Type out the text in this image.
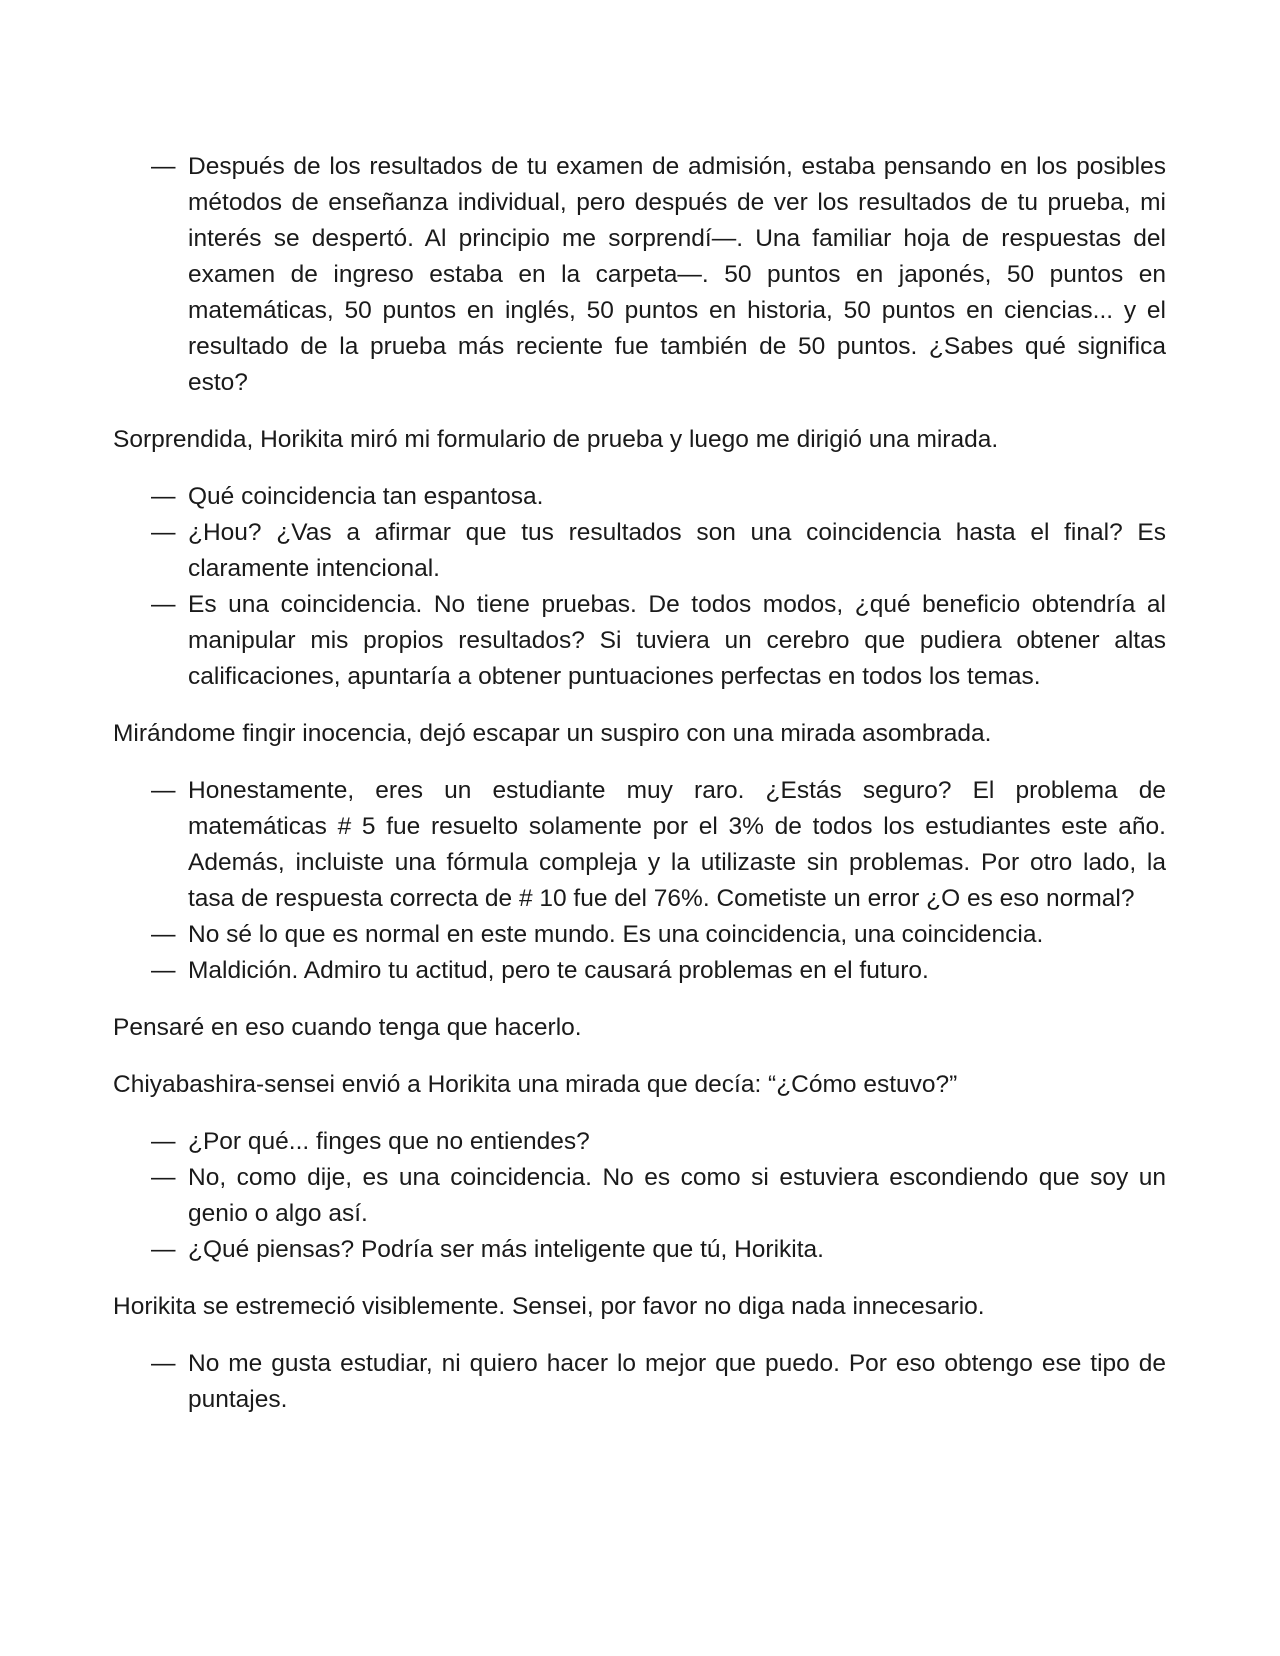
— Después de los resultados de tu examen de admisión, estaba pensando en los posibles métodos de enseñanza individual, pero después de ver los resultados de tu prueba, mi interés se despertó. Al principio me sorprendí—. Una familiar hoja de respuestas del examen de ingreso estaba en la carpeta—. 50 puntos en japonés, 50 puntos en matemáticas, 50 puntos en inglés, 50 puntos en historia, 50 puntos en ciencias... y el resultado de la prueba más reciente fue también de 50 puntos. ¿Sabes qué significa esto?

Sorprendida, Horikita miró mi formulario de prueba y luego me dirigió una mirada.

— Qué coincidencia tan espantosa.
— ¿Hou? ¿Vas a afirmar que tus resultados son una coincidencia hasta el final? Es claramente intencional.
— Es una coincidencia. No tiene pruebas. De todos modos, ¿qué beneficio obtendría al manipular mis propios resultados? Si tuviera un cerebro que pudiera obtener altas calificaciones, apuntaría a obtener puntuaciones perfectas en todos los temas.

Mirándome fingir inocencia, dejó escapar un suspiro con una mirada asombrada.

— Honestamente, eres un estudiante muy raro. ¿Estás seguro? El problema de matemáticas # 5 fue resuelto solamente por el 3% de todos los estudiantes este año. Además, incluiste una fórmula compleja y la utilizaste sin problemas. Por otro lado, la tasa de respuesta correcta de # 10 fue del 76%. Cometiste un error ¿O es eso normal?
— No sé lo que es normal en este mundo. Es una coincidencia, una coincidencia.
— Maldición. Admiro tu actitud, pero te causará problemas en el futuro.

Pensaré en eso cuando tenga que hacerlo.

Chiyabashira-sensei envió a Horikita una mirada que decía: “¿Cómo estuvo?”

— ¿Por qué... finges que no entiendes?
— No, como dije, es una coincidencia. No es como si estuviera escondiendo que soy un genio o algo así.
— ¿Qué piensas? Podría ser más inteligente que tú, Horikita.

Horikita se estremeció visiblemente. Sensei, por favor no diga nada innecesario.

— No me gusta estudiar, ni quiero hacer lo mejor que puedo. Por eso obtengo ese tipo de puntajes.
